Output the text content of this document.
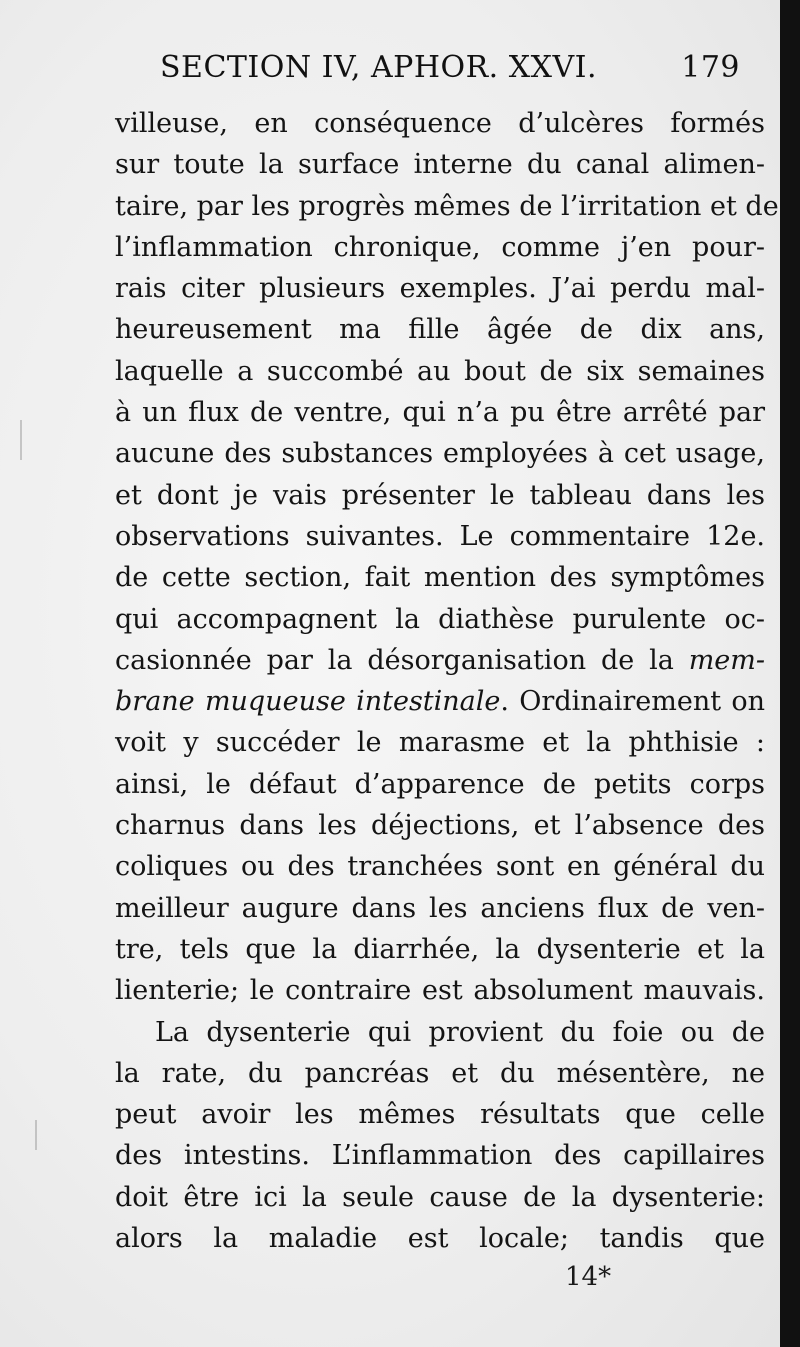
SECTION IV, APHOR. XXVI.	179
villeuse, en conséquence d’ulcères formés
sur toute la surface interne du canal alimen-
taire, par les progrès mêmes de l’irritation et de
l’inflammation chronique, comme j’en pour-
rais citer plusieurs exemples. J’ai perdu mal-
heureusement ma fille âgée de dix ans,
laquelle a succombé au bout de six semaines
à un flux de ventre, qui n’a pu être arrêté par
aucune des substances employées à cet usage,
et dont je vais présenter le tableau dans les
observations suivantes. Le commentaire 12e.
de cette section, fait mention des symptômes
qui accompagnent la diathèse purulente oc-
casionnée par la désorganisation de la mem-
brane muqueuse intestinale. Ordinairement on
voit y succéder le marasme et la phthisie :
ainsi, le défaut d’apparence de petits corps
charnus dans les déjections, et l’absence des
coliques ou des tranchées sont en général du
meilleur augure dans les anciens flux de ven-
tre, tels que la diarrhée, la dysenterie et la
lienterie; le contraire est absolument mauvais.
La dysenterie qui provient du foie ou de
la rate, du pancréas et du mésentère, ne
peut avoir les mêmes résultats que celle
des intestins. L’inflammation des capillaires
doit être ici la seule cause de la dysenterie:
alors la maladie est locale; tandis que
14*
